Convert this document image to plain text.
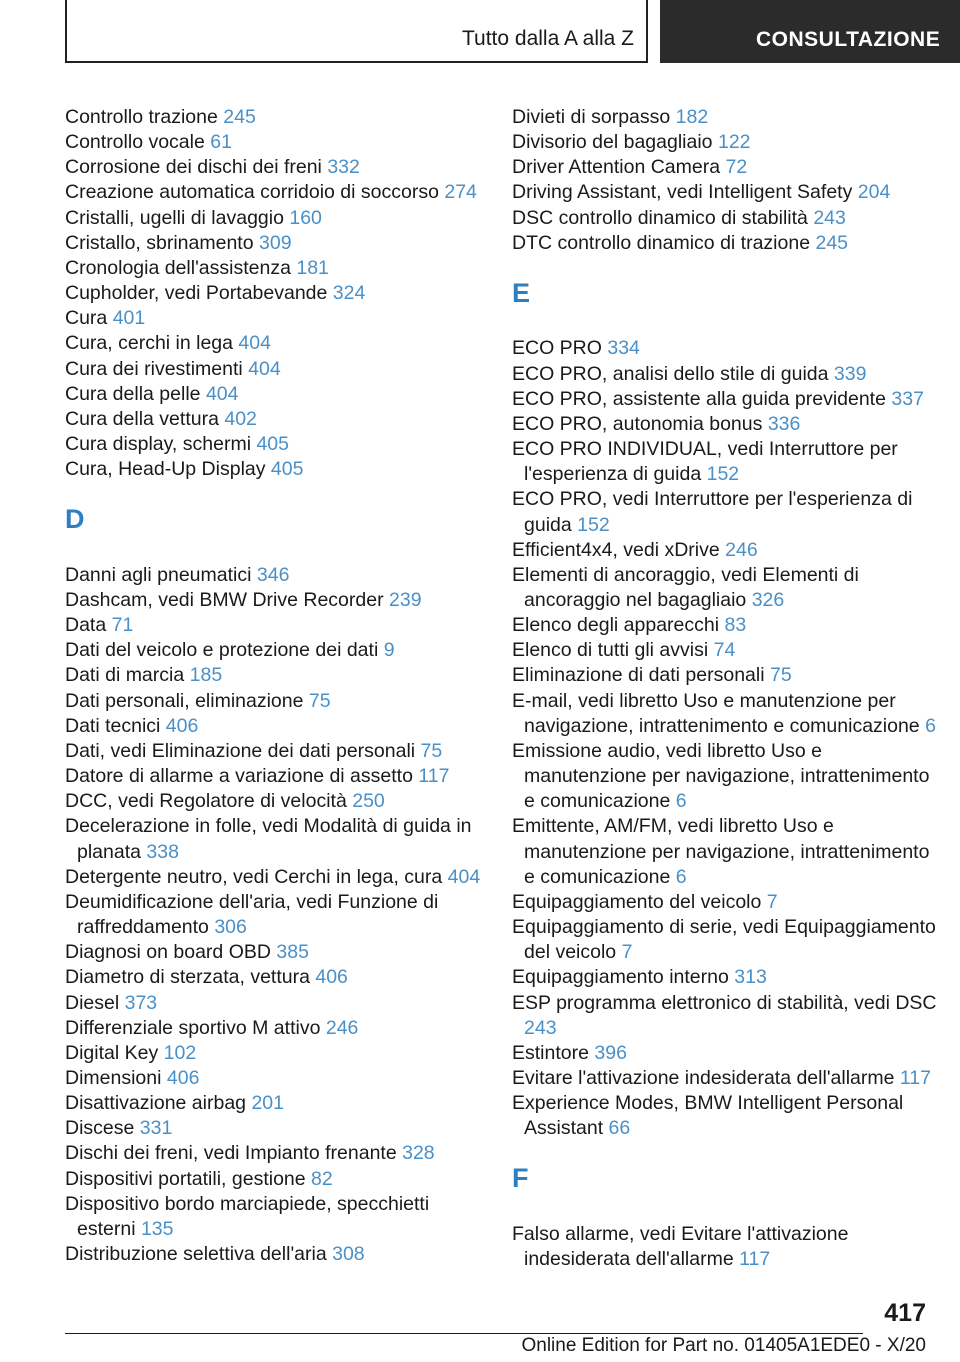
Tutto dalla A alla Z	CONSULTAZIONE
Controllo trazione 245
Controllo vocale 61
Corrosione dei dischi dei freni 332
Creazione automatica corridoio di soccorso 274
Cristalli, ugelli di lavaggio 160
Cristallo, sbrinamento 309
Cronologia dell'assistenza 181
Cupholder, vedi Portabevande 324
Cura 401
Cura, cerchi in lega 404
Cura dei rivestimenti 404
Cura della pelle 404
Cura della vettura 402
Cura display, schermi 405
Cura, Head-Up Display 405
D
Danni agli pneumatici 346
Dashcam, vedi BMW Drive Recorder 239
Data 71
Dati del veicolo e protezione dei dati 9
Dati di marcia 185
Dati personali, eliminazione 75
Dati tecnici 406
Dati, vedi Eliminazione dei dati personali 75
Datore di allarme a variazione di assetto 117
DCC, vedi Regolatore di velocità 250
Decelerazione in folle, vedi Modalità di guida in planata 338
Detergente neutro, vedi Cerchi in lega, cura 404
Deumidificazione dell'aria, vedi Funzione di raffreddamento 306
Diagnosi on board OBD 385
Diametro di sterzata, vettura 406
Diesel 373
Differenziale sportivo M attivo 246
Digital Key 102
Dimensioni 406
Disattivazione airbag 201
Discese 331
Dischi dei freni, vedi Impianto frenante 328
Dispositivi portatili, gestione 82
Dispositivo bordo marciapiede, specchietti esterni 135
Distribuzione selettiva dell'aria 308
Divieti di sorpasso 182
Divisorio del bagagliaio 122
Driver Attention Camera 72
Driving Assistant, vedi Intelligent Safety 204
DSC controllo dinamico di stabilità 243
DTC controllo dinamico di trazione 245
E
ECO PRO 334
ECO PRO, analisi dello stile di guida 339
ECO PRO, assistente alla guida previdente 337
ECO PRO, autonomia bonus 336
ECO PRO INDIVIDUAL, vedi Interruttore per l'esperienza di guida 152
ECO PRO, vedi Interruttore per l'esperienza di guida 152
Efficient4x4, vedi xDrive 246
Elementi di ancoraggio, vedi Elementi di ancoraggio nel bagagliaio 326
Elenco degli apparecchi 83
Elenco di tutti gli avvisi 74
Eliminazione di dati personali 75
E-mail, vedi libretto Uso e manutenzione per navigazione, intrattenimento e comunicazione 6
Emissione audio, vedi libretto Uso e manutenzione per navigazione, intrattenimento e comunicazione 6
Emittente, AM/FM, vedi libretto Uso e manutenzione per navigazione, intrattenimento e comunicazione 6
Equipaggiamento del veicolo 7
Equipaggiamento di serie, vedi Equipaggiamento del veicolo 7
Equipaggiamento interno 313
ESP programma elettronico di stabilità, vedi DSC 243
Estintore 396
Evitare l'attivazione indesiderata dell'allarme 117
Experience Modes, BMW Intelligent Personal Assistant 66
F
Falso allarme, vedi Evitare l'attivazione indesiderata dell'allarme 117
417
Online Edition for Part no. 01405A1EDE0 - X/20
